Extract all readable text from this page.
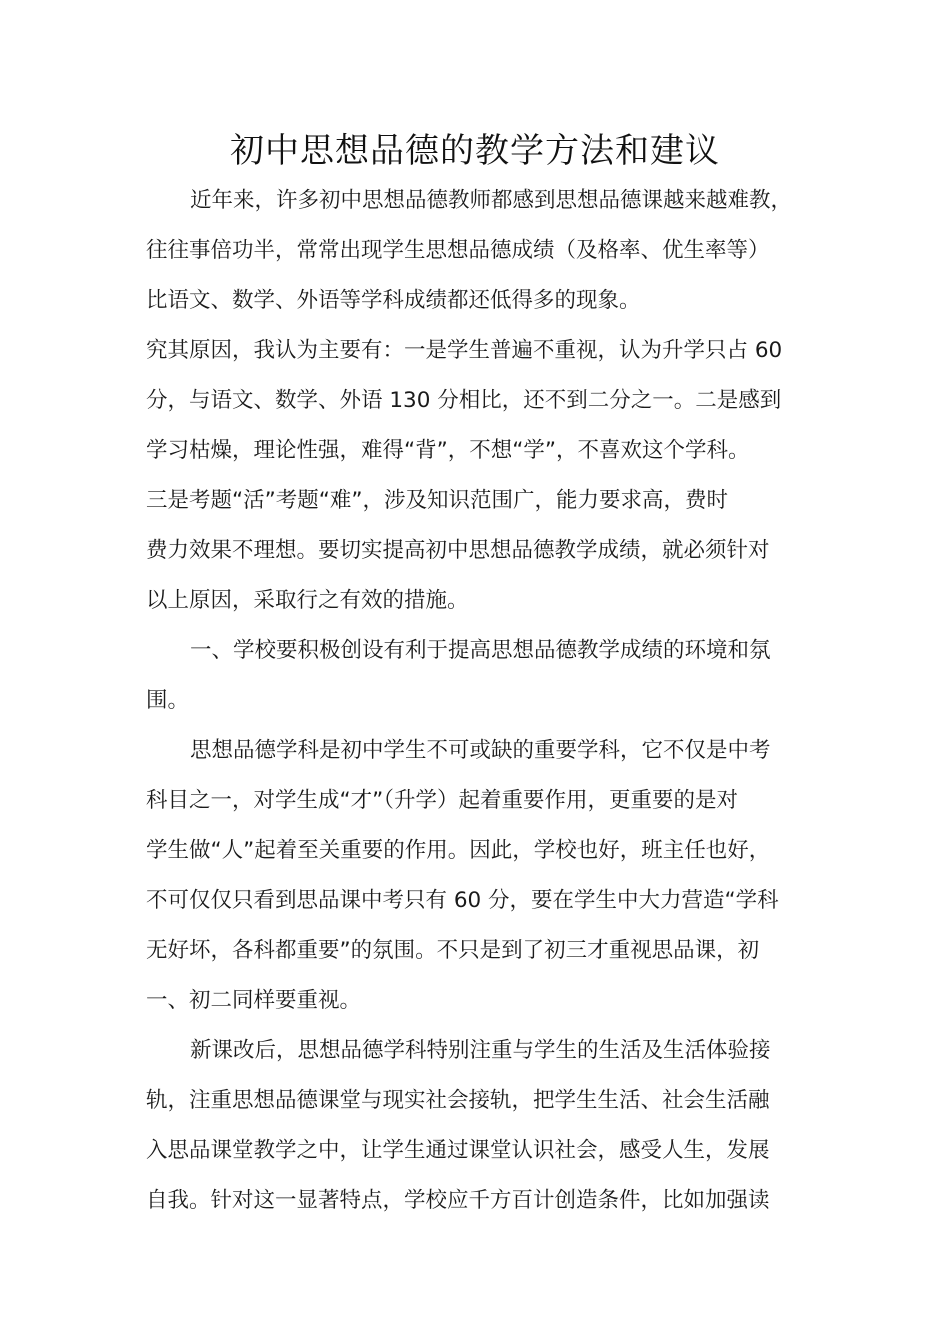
初中思想品德的教学方法和建议
近年来，许多初中思想品德教师都感到思想品德课越来越难教，
往往事倍功半，常常出现学生思想品德成绩（及格率、优生率等）
比语文、数学、外语等学科成绩都还低得多的现象。
究其原因，我认为主要有：一是学生普遍不重视，认为升学只占 60
分，与语文、数学、外语 130 分相比，还不到二分之一。二是感到
学习枯燥，理论性强，难得“背”，不想“学”，不喜欢这个学科。
三是考题“活”考题“难”，涉及知识范围广，能力要求高，费时
费力效果不理想。要切实提高初中思想品德教学成绩，就必须针对
以上原因，采取行之有效的措施。
一、学校要积极创设有利于提高思想品德教学成绩的环境和氛
围。
思想品德学科是初中学生不可或缺的重要学科，它不仅是中考
科目之一，对学生成“才”（升学）起着重要作用，更重要的是对
学生做“人”起着至关重要的作用。因此，学校也好，班主任也好，
不可仅仅只看到思品课中考只有 60 分，要在学生中大力营造“学科
无好坏，各科都重要”的氛围。不只是到了初三才重视思品课，初
一、初二同样要重视。
新课改后，思想品德学科特别注重与学生的生活及生活体验接
轨，注重思想品德课堂与现实社会接轨，把学生生活、社会生活融
入思品课堂教学之中，让学生通过课堂认识社会，感受人生，发展
自我。针对这一显著特点，学校应千方百计创造条件，比如加强读
